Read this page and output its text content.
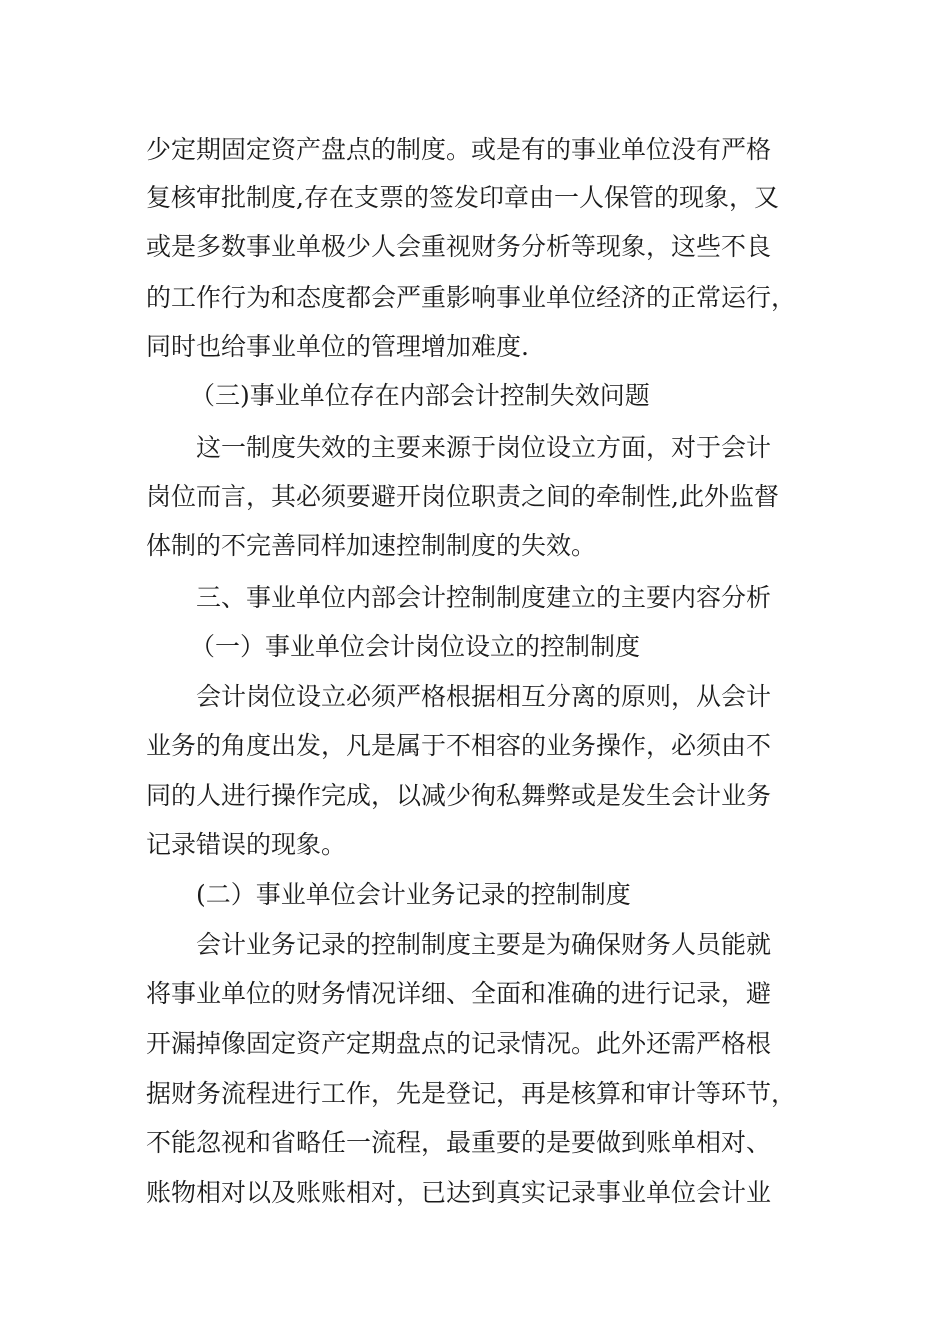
少定期固定资产盘点的制度。或是有的事业单位没有严格
复核审批制度,存在支票的签发印章由一人保管的现象，又
或是多数事业单极少人会重视财务分析等现象，这些不良
的工作行为和态度都会严重影响事业单位经济的正常运行，
同时也给事业单位的管理增加难度.
（三)事业单位存在内部会计控制失效问题
这一制度失效的主要来源于岗位设立方面，对于会计
岗位而言，其必须要避开岗位职责之间的牵制性,此外监督
体制的不完善同样加速控制制度的失效。
三、事业单位内部会计控制制度建立的主要内容分析
（一）事业单位会计岗位设立的控制制度
会计岗位设立必须严格根据相互分离的原则，从会计
业务的角度出发，凡是属于不相容的业务操作，必须由不
同的人进行操作完成，以减少徇私舞弊或是发生会计业务
记录错误的现象。
(二）事业单位会计业务记录的控制制度
会计业务记录的控制制度主要是为确保财务人员能就
将事业单位的财务情况详细、全面和准确的进行记录，避
开漏掉像固定资产定期盘点的记录情况。此外还需严格根
据财务流程进行工作，先是登记，再是核算和审计等环节，
不能忽视和省略任一流程，最重要的是要做到账单相对、
账物相对以及账账相对，已达到真实记录事业单位会计业
